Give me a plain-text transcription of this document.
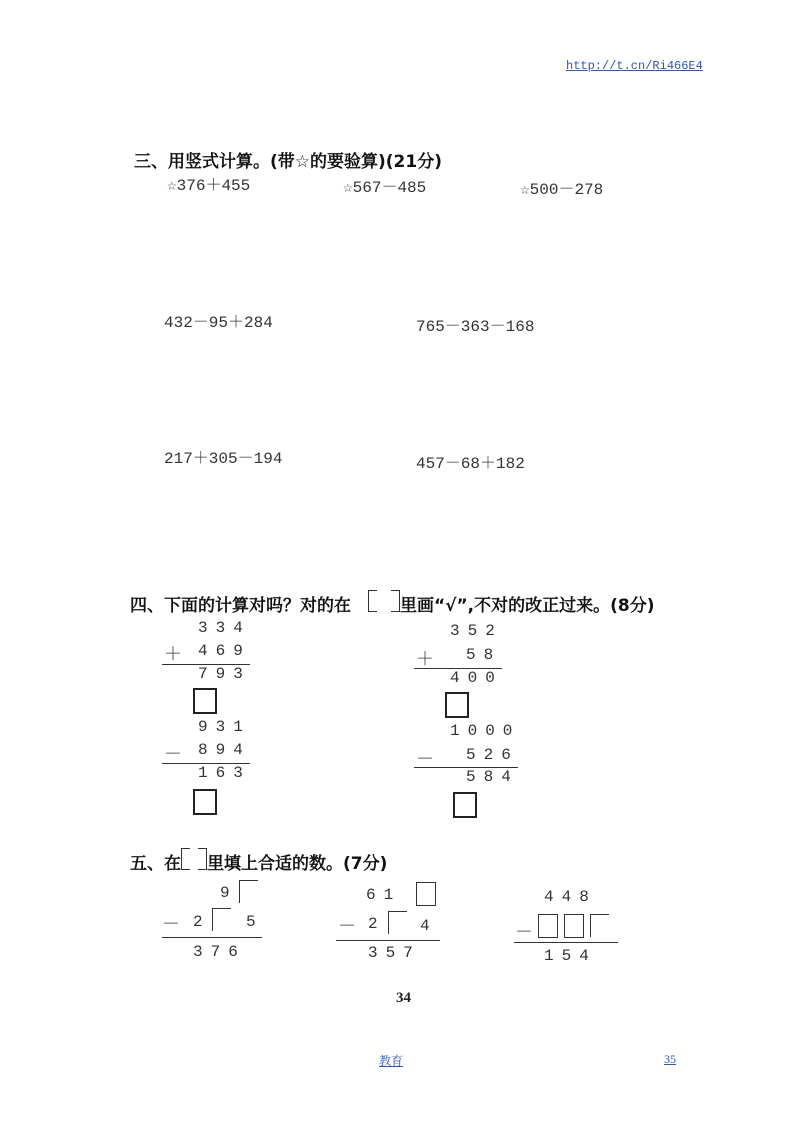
http://t.cn/Ri466E4
三、用竖式计算。(带☆的要验算)(21分)
☆376＋455	☆567－485	☆500－278
432－95＋284	765－363－168
217＋305－194	457－68＋182
四、下面的计算对吗？对的在	里画“√”,不对的改正过来。(8分)
334
＋ 469
793
352
＋ 58
400
931
－ 894
163
1000
－ 526
584
五、在 里填上合适的数。(7分)
9
－ 2 5
376
61
－ 2 4
357
448
－
154
34
教育	35
